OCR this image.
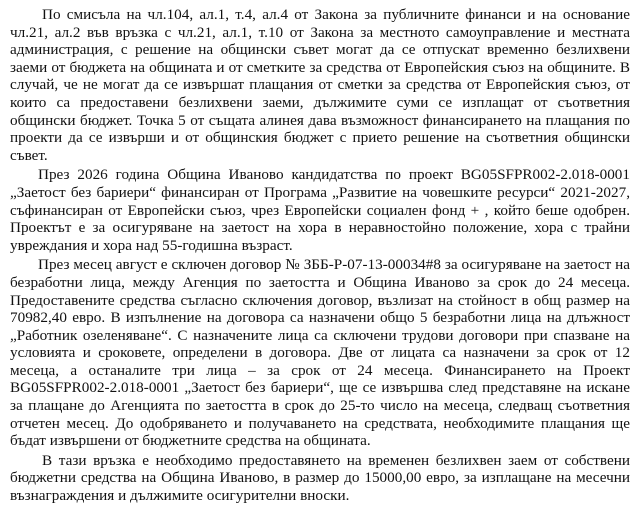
По смисъла на чл.104, ал.1, т.4, ал.4 от Закона за публичните финанси и на основание чл.21, ал.2 във връзка с чл.21, ал.1, т.10 от Закона за местното самоуправление и местната администрация, с решение на общински съвет могат да се отпускат временно безлихвени заеми от бюджета на общината и от сметките за средства от Европейския съюз на общините. В случай, че не могат да се извършат плащания от сметки за средства от Европейския съюз, от които са предоставени безлихвени заеми, дължимите суми се изплащат от съответния общински бюджет. Точка 5 от същата алинея дава възможност финансирането на плащания по проекти да се извърши и от общинския бюджет с прието решение на съответния общински съвет.

През 2026 година Община Иваново кандидатства по проект BG05SFPR002-2.018-0001 „Заетост без бариери“ финансиран от Програма „Развитие на човешките ресурси“ 2021-2027, съфинансиран от Европейски съюз, чрез Европейски социален фонд + , който беше одобрен. Проектът е за осигуряване на заетост на хора в неравностойно положение, хора с трайни увреждания и хора над 55-годишна възраст.

През месец август е сключен договор № ЗББ-Р-07-13-00034#8 за осигуряване на заетост на безработни лица, между Агенция по заетостта и Община Иваново за срок до 24 месеца. Предоставените средства съгласно сключения договор, възлизат на стойност в общ размер на 70982,40 евро. В изпълнение на договора са назначени общо 5 безработни лица на длъжност „Работник озеленяване“. С назначените лица са сключени трудови договори при спазване на условията и сроковете, определени в договора. Две от лицата са назначени за срок от 12 месеца, а останалите три лица – за срок от 24 месеца. Финансирането на Проект BG05SFPR002-2.018-0001 „Заетост без бариери“, ще се извършва след представяне на искане за плащане до Агенцията по заетостта в срок до 25-то число на месеца, следващ съответния отчетен месец. До одобряването и получаването на средствата, необходимите плащания ще бъдат извършени от бюджетните средства на общината.

В тази връзка е необходимо предоставянето на временен безлихвен заем от собствени бюджетни средства на Община Иваново, в размер до 15000,00 евро, за изплащане на месечни възнаграждения и дължимите осигурителни вноски.
